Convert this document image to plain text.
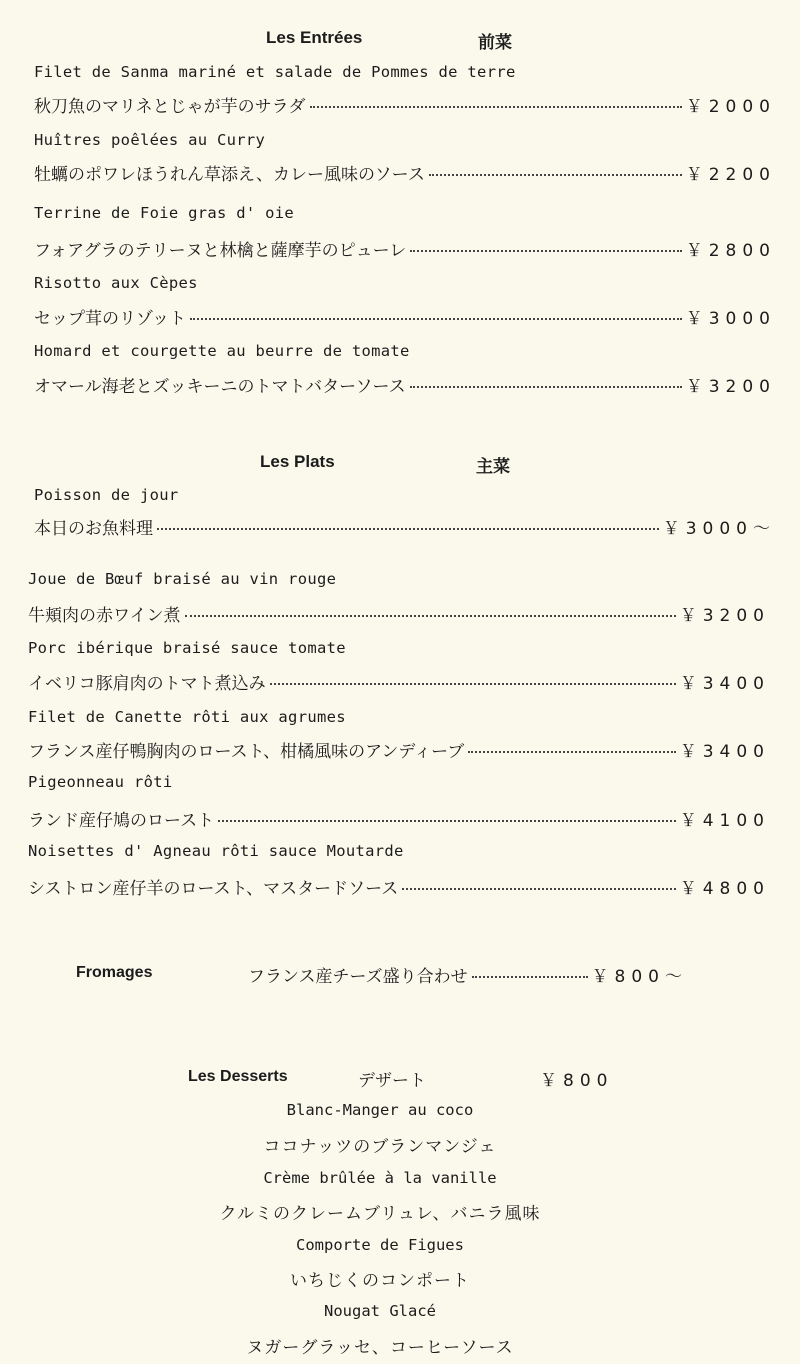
Les Entrées	前菜
Filet de Sanma mariné et salade de Pommes de terre
秋刀魚のマリネとじゃが芋のサラダ	￥2000
Huîtres poêlées au Curry
牡蠣のポワレほうれん草添え、カレー風味のソース	￥2200
Terrine de Foie gras d' oie
フォアグラのテリーヌと林檎と薩摩芋のピューレ	￥2800
Risotto aux Cèpes
セップ茸のリゾット	￥3000
Homard et courgette au beurre de tomate
オマール海老とズッキーニのトマトバターソース	￥3200
Les Plats	主菜
Poisson de jour
本日のお魚料理	￥3000〜
Joue de Bœuf braisé au vin rouge
牛頬肉の赤ワイン煮	￥3200
Porc ibérique braisé sauce tomate
イベリコ豚肩肉のトマト煮込み	￥3400
Filet de Canette rôti aux agrumes
フランス産仔鴨胸肉のロースト、柑橘風味のアンディーブ	￥3400
Pigeonneau rôti
ランド産仔鳩のロースト	￥4100
Noisettes d' Agneau rôti sauce Moutarde
シストロン産仔羊のロースト、マスタードソース	￥4800
Fromages	フランス産チーズ盛り合わせ	￥800〜
Les Desserts	デザート	￥800
Blanc-Manger au coco
ココナッツのブランマンジェ
Crème brûlée à la vanille
クルミのクレームブリュレ、バニラ風味
Comporte de Figues
いちじくのコンポート
Nougat Glacé
ヌガーグラッセ、コーヒーソース
